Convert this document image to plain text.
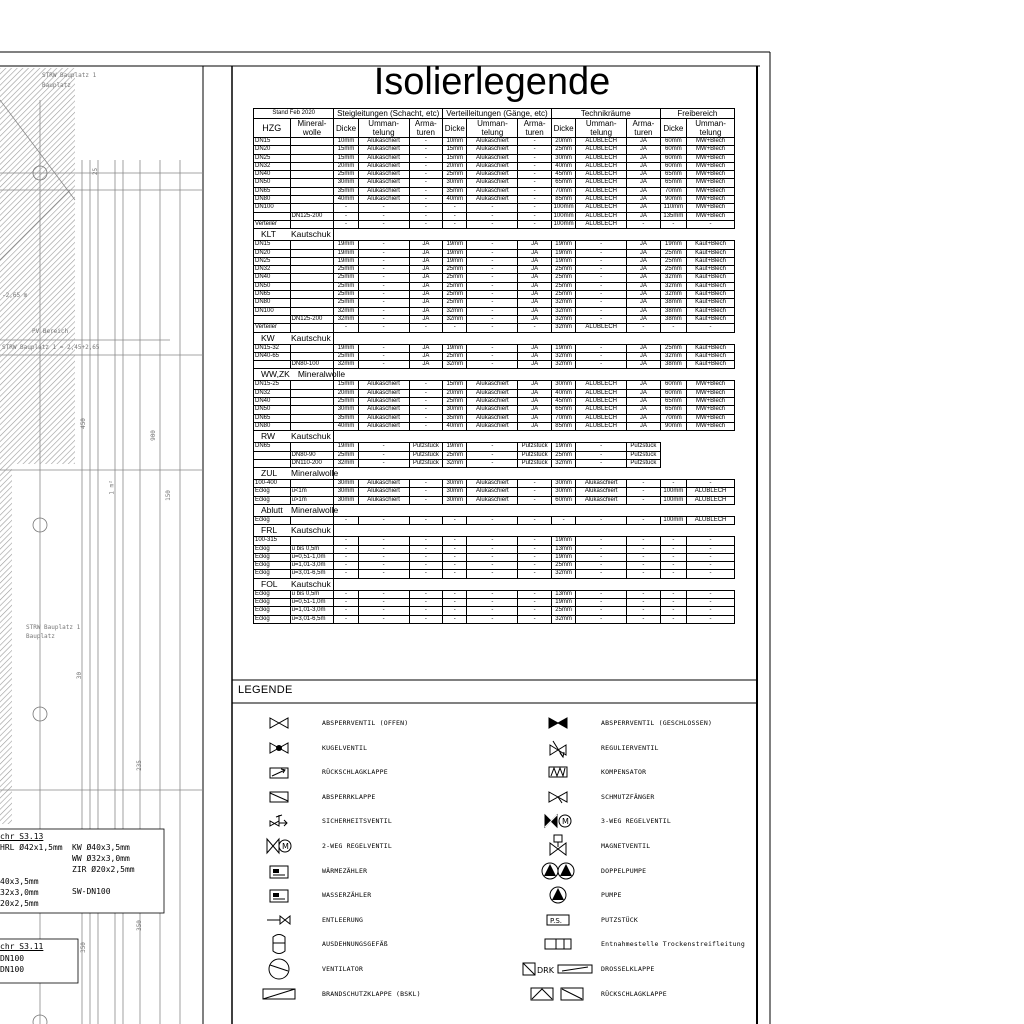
STRW Bauplatz 1
Bauplatz
-2,65 m
PV Bereich
STRW Bauplatz 1 = 2,45+2,65
25
450
1 m²
900
150
235
30
350
350
STRW Bauplatz 1
Bauplatz
chr S3.13
HRL Ø42x1,5mm
40x3,5mm
32x3,0mm
20x2,5mm
KW Ø40x3,5mm
WW Ø32x3,0mm
ZIR Ø20x2,5mm
SW-DN100
chr S3.11
DN100
DN100
Isolierlegende
Stand Feb 2020		Steigleitungen (Schacht, etc)			Verteilleitungen (Gänge, etc)			Technikräume			Freibereich	
HZG	Mineral-wolle	Dicke	Umman-telung	Arma-turen	Dicke	Umman-telung	Arma-turen	Dicke	Umman-telung	Arma-turen	Dicke	Umman-telung
DN15		10mm	Alukaschiert	-	10mm	Alukaschiert	-	20mm	ALUBLECH	JA	60mm	MW+Blech
DN20		15mm	Alukaschiert	-	15mm	Alukaschiert	-	25mm	ALUBLECH	JA	60mm	MW+Blech
DN25		15mm	Alukaschiert	-	15mm	Alukaschiert	-	30mm	ALUBLECH	JA	60mm	MW+Blech
DN32		20mm	Alukaschiert	-	20mm	Alukaschiert	-	40mm	ALUBLECH	JA	60mm	MW+Blech
DN40		25mm	Alukaschiert	-	25mm	Alukaschiert	-	45mm	ALUBLECH	JA	65mm	MW+Blech
DN50		30mm	Alukaschiert	-	30mm	Alukaschiert	-	65mm	ALUBLECH	JA	65mm	MW+Blech
DN65		35mm	Alukaschiert	-	35mm	Alukaschiert	-	70mm	ALUBLECH	JA	70mm	MW+Blech
DN80		40mm	Alukaschiert	-	40mm	Alukaschiert	-	85mm	ALUBLECH	JA	90mm	MW+Blech
DN100		-	-	-	-	-	-	100mm	ALUBLECH	JA	110mm	MW+Blech
	DN125-200	-	-	-	-	-	-	100mm	ALUBLECH	JA	135mm	MW+Blech
Verteiler		-	-	-	-	-	-	100mm	ALUBLECH	-	-	-
KLT Kautschuk												
DN15		19mm	-	JA	19mm	-	JA	19mm	-	JA	19mm	Kaut+Blech
DN20		19mm	-	JA	19mm	-	JA	19mm	-	JA	25mm	Kaut+Blech
DN25		19mm	-	JA	19mm	-	JA	19mm	-	JA	25mm	Kaut+Blech
DN32		25mm	-	JA	25mm	-	JA	25mm	-	JA	25mm	Kaut+Blech
DN40		25mm	-	JA	25mm	-	JA	25mm	-	JA	32mm	Kaut+Blech
DN50		25mm	-	JA	25mm	-	JA	25mm	-	JA	32mm	Kaut+Blech
DN65		25mm	-	JA	25mm	-	JA	25mm	-	JA	32mm	Kaut+Blech
DN80		25mm	-	JA	25mm	-	JA	32mm	-	JA	38mm	Kaut+Blech
DN100		32mm	-	JA	32mm	-	JA	32mm	-	JA	38mm	Kaut+Blech
	DN125-200	32mm	-	JA	32mm	-	JA	32mm	-	JA	38mm	Kaut+Blech
Verteiler		-	-	-	-	-	-	32mm	ALUBLECH	-	-	-
KW Kautschuk												
DN15-32		19mm	-	JA	19mm	-	JA	19mm	-	JA	25mm	Kaut+Blech
DN40-65		25mm	-	JA	25mm	-	JA	32mm	-	JA	32mm	Kaut+Blech
	DN80-100	32mm	-	JA	32mm	-	JA	32mm	-	JA	38mm	Kaut+Blech
WW,ZK Mineralwolle												
DN15-25		15mm	Alukaschiert	-	15mm	Alukaschiert	JA	30mm	ALUBLECH	JA	60mm	MW+Blech
DN32		20mm	Alukaschiert	-	20mm	Alukaschiert	JA	40mm	ALUBLECH	JA	60mm	MW+Blech
DN40		25mm	Alukaschiert	-	25mm	Alukaschiert	JA	45mm	ALUBLECH	JA	65mm	MW+Blech
DN50		30mm	Alukaschiert	-	30mm	Alukaschiert	JA	65mm	ALUBLECH	JA	65mm	MW+Blech
DN65		35mm	Alukaschiert	-	35mm	Alukaschiert	JA	70mm	ALUBLECH	JA	70mm	MW+Blech
DN80		40mm	Alukaschiert	-	40mm	Alukaschiert	JA	85mm	ALUBLECH	JA	90mm	MW+Blech
RW Kautschuk												
DN65		19mm	-	Putzstück	19mm	-	Putzstück	19mm	-	Putzstück		
	DN80-90	25mm	-	Putzstück	25mm	-	Putzstück	25mm	-	Putzstück		
	DN110-200	32mm	-	Putzstück	32mm	-	Putzstück	32mm	-	Putzstück		
ZUL Mineralwolle												
100-400		30mm	Alukaschiert	-	30mm	Alukaschiert	-	30mm	Alukaschiert	-	-	-
Eckig	u<1m	30mm	Alukaschiert	-	30mm	Alukaschiert	-	30mm	Alukaschiert	-	100mm	ALUBLECH
Eckig	u>1m	30mm	Alukaschiert	-	30mm	Alukaschiert	-	60mm	Alukaschiert	-	100mm	ALUBLECH
Ablutt Mineralwolle												
Eckig		-	-	-	-	-	-	-	-	-	100mm	ALUBLECH
FRL Kautschuk												
100-315		-	-	-	-	-	-	19mm	-	-	-	-
Eckig	u bis 0,5m	-	-	-	-	-	-	13mm	-	-	-	-
Eckig	u=0,51-1,0m	-	-	-	-	-	-	19mm	-	-	-	-
Eckig	u=1,01-3,0m	-	-	-	-	-	-	25mm	-	-	-	-
Eckig	u=3,01-6,5m	-	-	-	-	-	-	32mm	-	-	-	-
FOL Kautschuk												
Eckig	u bis 0,5m	-	-	-	-	-	-	13mm	-	-	-	-
Eckig	u=0,51-1,0m	-	-	-	-	-	-	19mm	-	-	-	-
Eckig	u=1,01-3,0m	-	-	-	-	-	-	25mm	-	-	-	-
Eckig	u=3,01-6,5m	-	-	-	-	-	-	32mm	-	-	-	-
LEGENDE
ABSPERRVENTIL (OFFEN)
KUGELVENTIL
RÜCKSCHLAGKLAPPE
ABSPERRKLAPPE
SICHERHEITSVENTIL
M	2-WEG REGELVENTIL
WÄRMEZÄHLER
WASSERZÄHLER
ENTLEERUNG
AUSDEHNUNGSGEFÄß
VENTILATOR
BRANDSCHUTZKLAPPE (BSKL)
ABSPERRVENTIL (GESCHLOSSEN)
REGULIERVENTIL
KOMPENSATOR
SCHMUTZFÄNGER
M	3-WEG REGELVENTIL
MAGNETVENTIL
DOPPELPUMPE
PUMPE
P.S.	PUTZSTÜCK
Entnahmestelle Trockenstreifleitung
DRK	DROSSELKLAPPE
RÜCKSCHLAGKLAPPE
